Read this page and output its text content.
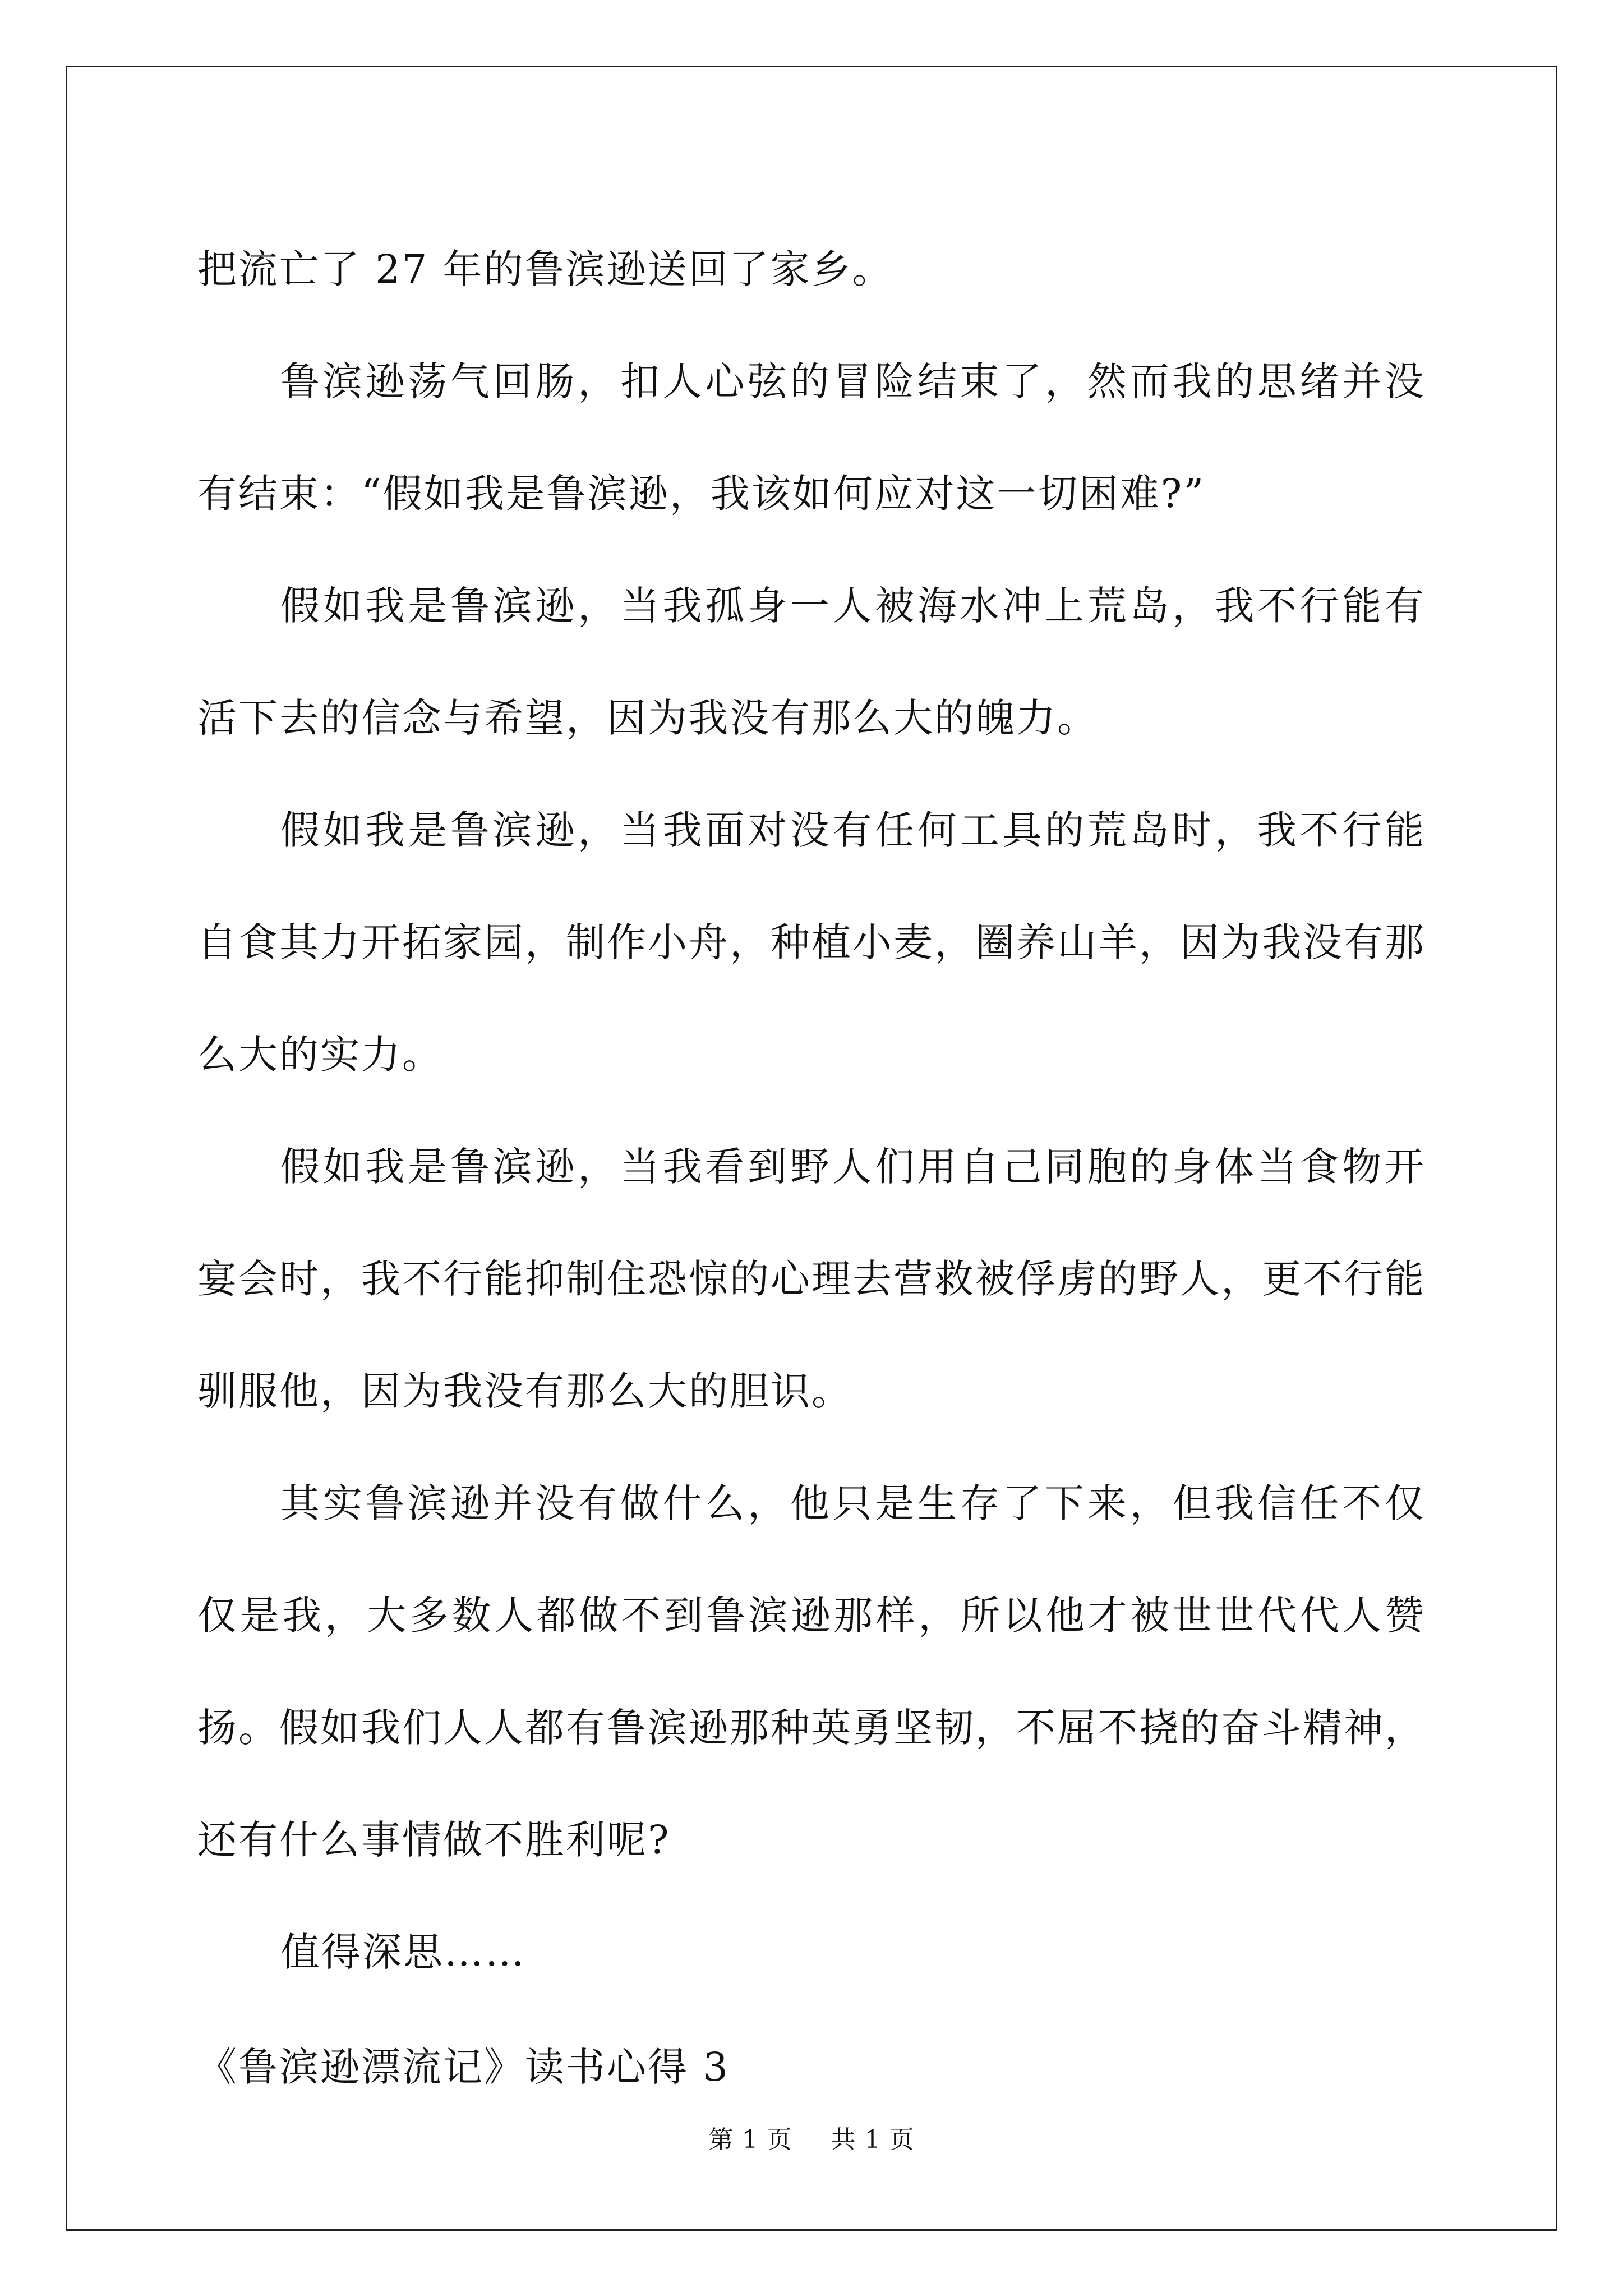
把流亡了 27 年的鲁滨逊送回了家乡。

鲁滨逊荡气回肠，扣人心弦的冒险结束了，然而我的思绪并没有结束：“假如我是鲁滨逊，我该如何应对这一切困难?”

假如我是鲁滨逊，当我孤身一人被海水冲上荒岛，我不行能有活下去的信念与希望，因为我没有那么大的魄力。

假如我是鲁滨逊，当我面对没有任何工具的荒岛时，我不行能自食其力开拓家园，制作小舟，种植小麦，圈养山羊，因为我没有那么大的实力。

假如我是鲁滨逊，当我看到野人们用自己同胞的身体当食物开宴会时，我不行能抑制住恐惊的心理去营救被俘虏的野人，更不行能驯服他，因为我没有那么大的胆识。

其实鲁滨逊并没有做什么，他只是生存了下来，但我信任不仅仅是我，大多数人都做不到鲁滨逊那样，所以他才被世世代代人赞扬。假如我们人人都有鲁滨逊那种英勇坚韧，不屈不挠的奋斗精神，还有什么事情做不胜利呢?

值得深思……

《鲁滨逊漂流记》读书心得 3

第 1 页 共 1 页
